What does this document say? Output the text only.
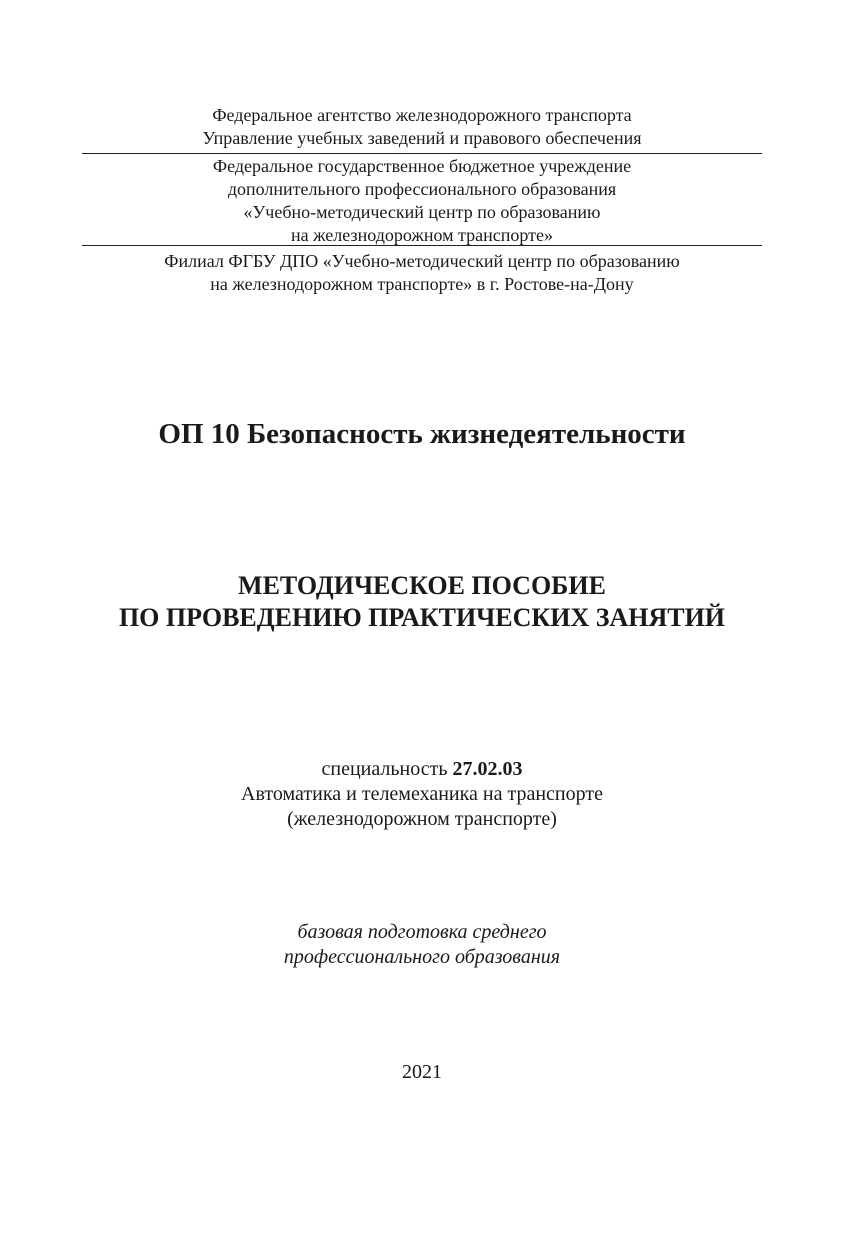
Федеральное агентство железнодорожного транспорта
Управление учебных заведений и правового обеспечения
Федеральное государственное бюджетное учреждение
дополнительного профессионального образования
«Учебно-методический центр по образованию
на железнодорожном транспорте»
Филиал ФГБУ ДПО «Учебно-методический центр по образованию
на железнодорожном транспорте» в г. Ростове-на-Дону
ОП 10 Безопасность жизнедеятельности
МЕТОДИЧЕСКОЕ ПОСОБИЕ
ПО ПРОВЕДЕНИЮ ПРАКТИЧЕСКИХ ЗАНЯТИЙ
специальность 27.02.03
Автоматика и телемеханика на транспорте
(железнодорожном транспорте)
базовая подготовка среднего
профессионального образования
2021
